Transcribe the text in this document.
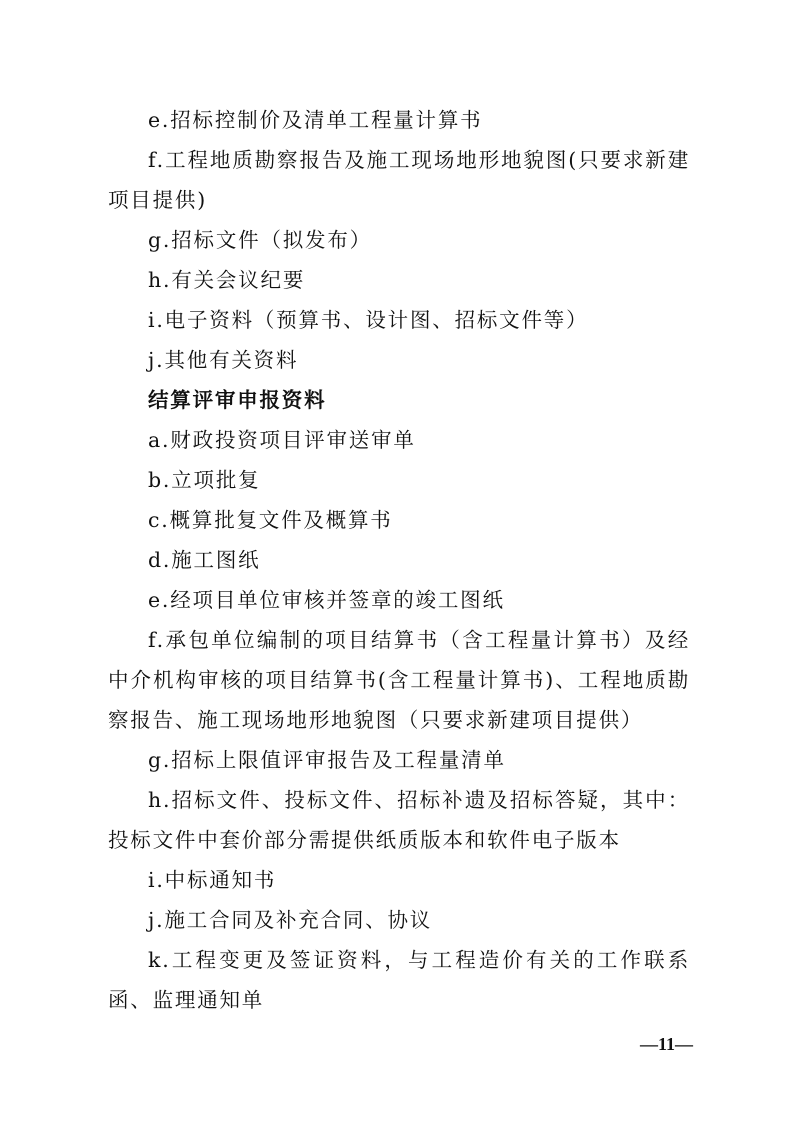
e.招标控制价及清单工程量计算书
f.工程地质勘察报告及施工现场地形地貌图(只要求新建项目提供)
g.招标文件（拟发布）
h.有关会议纪要
i.电子资料（预算书、设计图、招标文件等）
j.其他有关资料
结算评审申报资料
a.财政投资项目评审送审单
b.立项批复
c.概算批复文件及概算书
d.施工图纸
e.经项目单位审核并签章的竣工图纸
f.承包单位编制的项目结算书（含工程量计算书）及经中介机构审核的项目结算书(含工程量计算书)、工程地质勘察报告、施工现场地形地貌图（只要求新建项目提供）
g.招标上限值评审报告及工程量清单
h.招标文件、投标文件、招标补遗及招标答疑，其中：投标文件中套价部分需提供纸质版本和软件电子版本
i.中标通知书
j.施工合同及补充合同、协议
k.工程变更及签证资料，与工程造价有关的工作联系函、监理通知单
—11—
